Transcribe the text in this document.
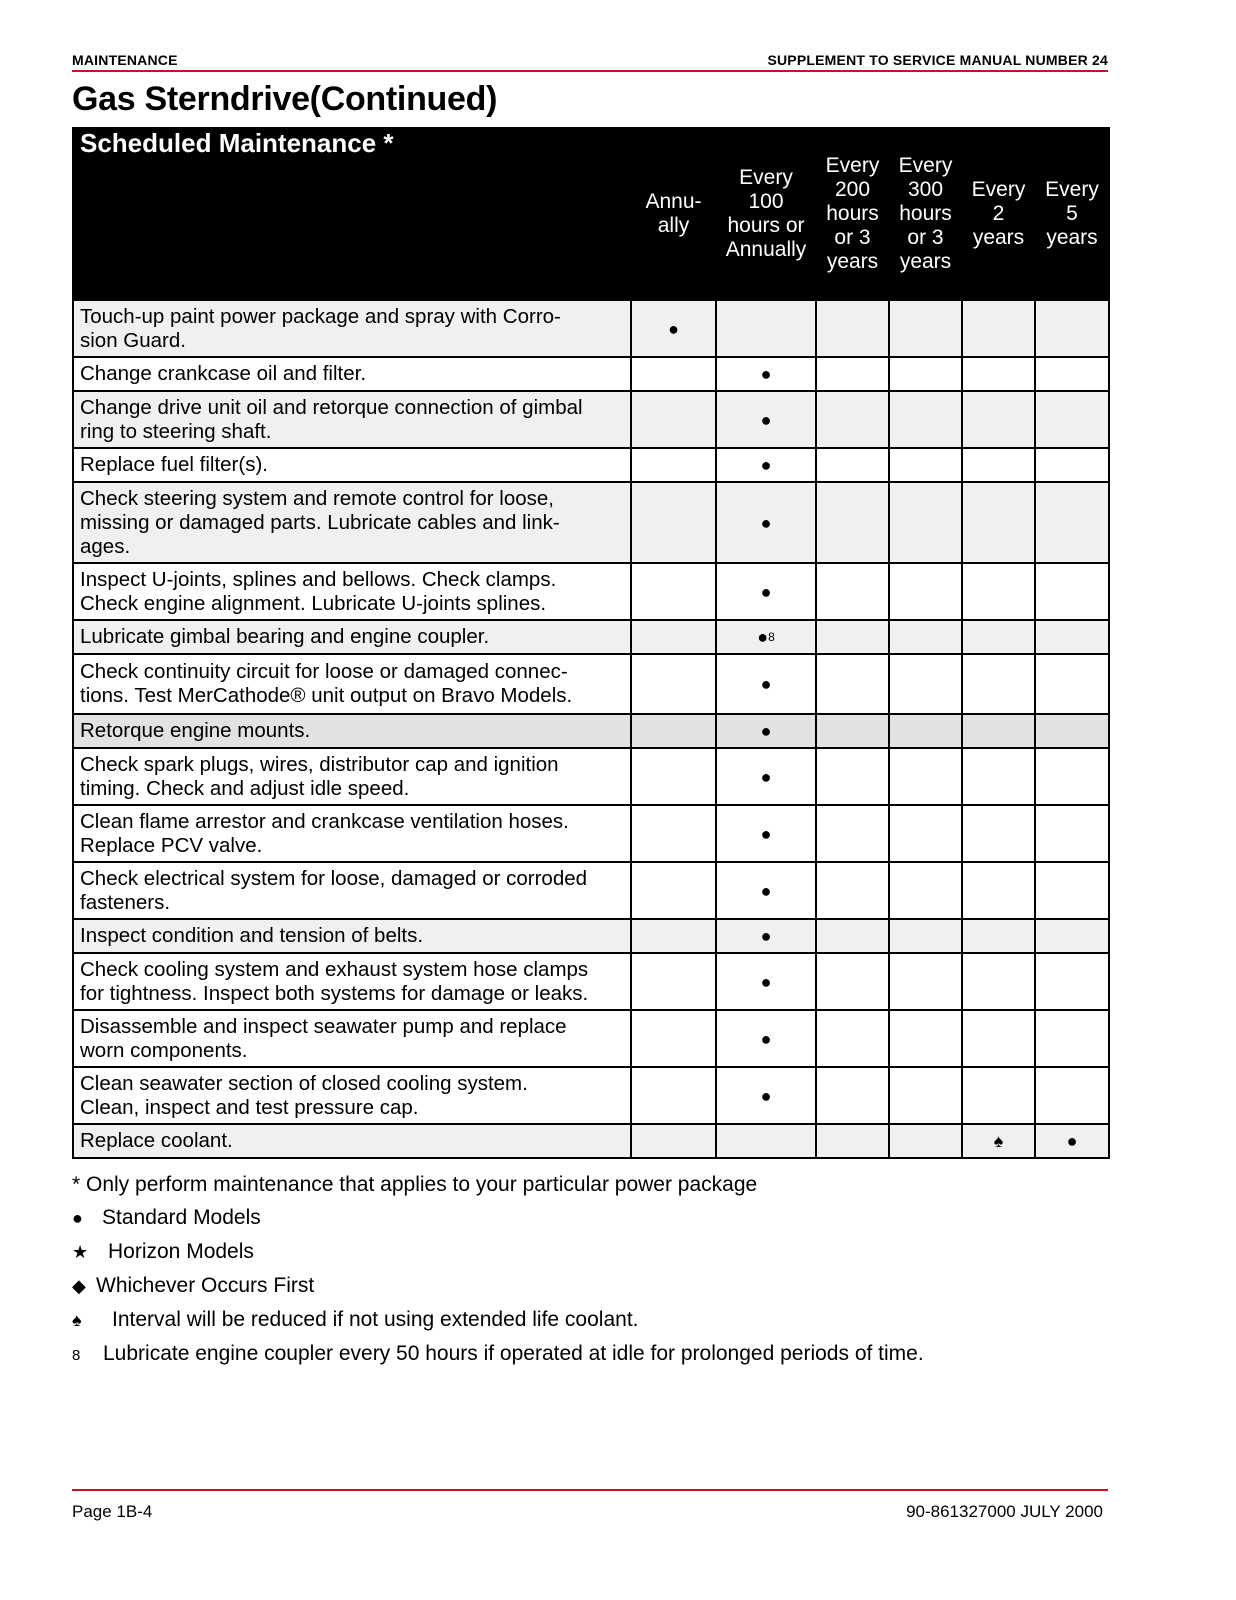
MAINTENANCE	SUPPLEMENT TO SERVICE MANUAL NUMBER 24
Gas Sterndrive(Continued)
Scheduled Maintenance *	Annu-
ally	Every
100
hours or
Annually	Every
200
hours
or 3
years	Every
300
hours
or 3
years	Every
2
years	Every
5
years

Touch-up paint power package and spray with Corro-
sion Guard.	●					
Change crankcase oil and filter.		●				
Change drive unit oil and retorque connection of gimbal
ring to steering shaft.		●				
Replace fuel filter(s).		●				
Check steering system and remote control for loose,
missing or damaged parts. Lubricate cables and link-
ages.		●				
Inspect U-joints, splines and bellows. Check clamps.
Check engine alignment. Lubricate U-joints splines.		●				
Lubricate gimbal bearing and engine coupler.		●$^8$				
Check continuity circuit for loose or damaged connec-
tions. Test MerCathode® unit output on Bravo Models.		●				
Retorque engine mounts.		●				
Check spark plugs, wires, distributor cap and ignition
timing. Check and adjust idle speed.		●				
Clean flame arrestor and crankcase ventilation hoses.
Replace PCV valve.		●				
Check electrical system for loose, damaged or corroded
fasteners.		●				
Inspect condition and tension of belts.		●				
Check cooling system and exhaust system hose clamps
for tightness. Inspect both systems for damage or leaks.		●				
Disassemble and inspect seawater pump and replace
worn components.		●				
Clean seawater section of closed cooling system.
Clean, inspect and test pressure cap.		●				
Replace coolant.					♠	●
* Only perform maintenance that applies to your particular power package
● Standard Models
★ Horizon Models
◆ Whichever Occurs First
♠ Interval will be reduced if not using extended life coolant.
8 Lubricate engine coupler every 50 hours if operated at idle for prolonged periods of time.
Page 1B-4	90-861327000 JULY 2000
